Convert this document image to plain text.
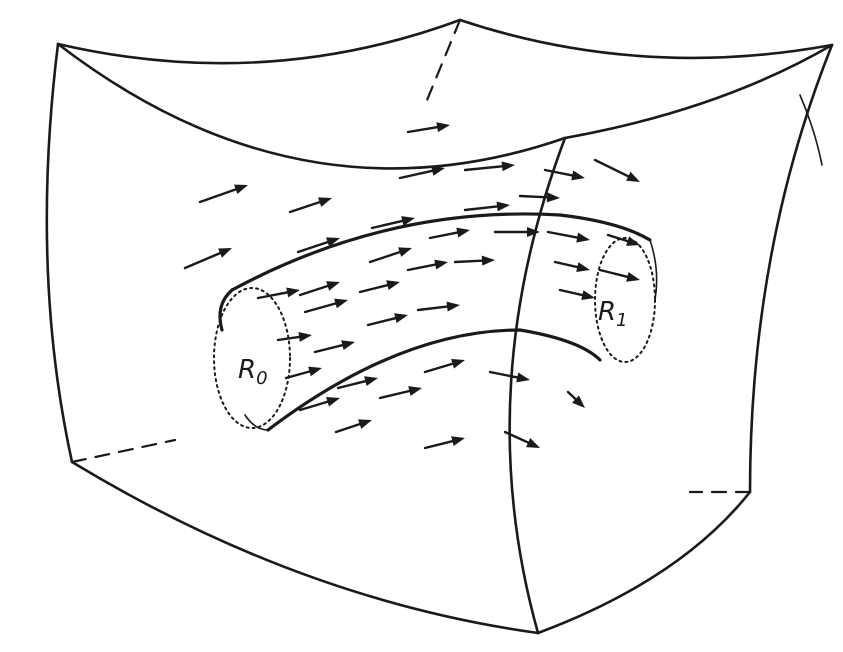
$R_0$
$R_1$
